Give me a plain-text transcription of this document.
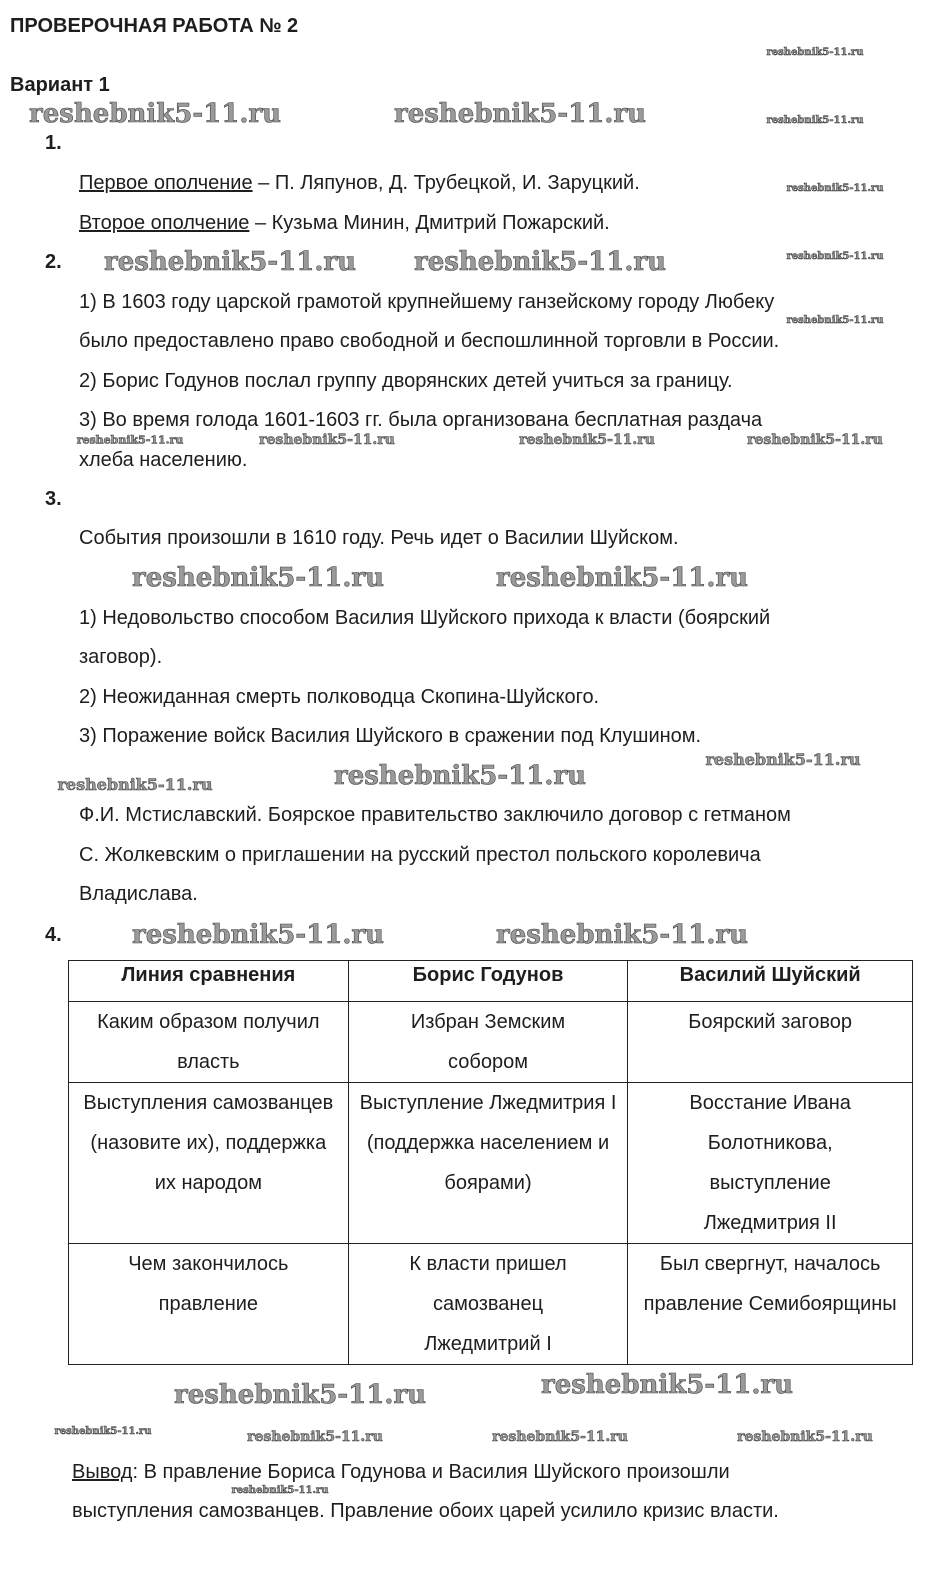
ПРОВЕРОЧНАЯ РАБОТА № 2
Вариант 1
1.
Первое ополчение – П. Ляпунов, Д. Трубецкой, И. Заруцкий.
Второе ополчение – Кузьма Минин, Дмитрий Пожарский.
2.
1) В 1603 году царской грамотой крупнейшему ганзейскому городу Любеку
было предоставлено право свободной и беспошлинной торговли в России.
2) Борис Годунов послал группу дворянских детей учиться за границу.
3) Во время голода 1601-1603 гг. была организована бесплатная раздача
хлеба населению.
3.
События произошли в 1610 году. Речь идет о Василии Шуйском.
1) Недовольство способом Василия Шуйского прихода к власти (боярский
заговор).
2) Неожиданная смерть полководца Скопина-Шуйского.
3) Поражение войск Василия Шуйского в сражении под Клушином.
Ф.И. Мстиславский. Боярское правительство заключило договор с гетманом
С. Жолкевским о приглашении на русский престол польского королевича
Владислава.
4.
Линия сравнения	Борис Годунов	Василий Шуйский
Каким образом получил власть	Избран Земским собором	Боярский заговор
Выступления самозванцев (назовите их), поддержка их народом	Выступление Лжедмитрия I (поддержка населением и боярами)	Восстание Ивана Болотникова, выступление Лжедмитрия II
Чем закончилось правление	К власти пришел самозванец Лжедмитрий I	Был свергнут, началось правление Семибоярщины
Вывод: В правление Бориса Годунова и Василия Шуйского произошли
выступления самозванцев. Правление обоих царей усилило кризис власти.
reshebnik5-11.ru	reshebnik5-11.ru
reshebnik5-11.ru reshebnik5-11.ru
reshebnik5-11.ru	reshebnik5-11.ru
reshebnik5-11.ru
reshebnik5-11.ru	reshebnik5-11.ru
reshebnik5-11.ru	reshebnik5-11.ru
reshebnik5-11.ru
reshebnik5-11.ru
reshebnik5-11.ru
reshebnik5-11.ru
reshebnik5-11.ru
reshebnik5-11.ru	reshebnik5-11.ru	reshebnik5-11.ru	reshebnik5-11.ru
reshebnik5-11.ru
reshebnik5-11.ru
reshebnik5-11.ru	reshebnik5-11.ru	reshebnik5-11.ru	reshebnik5-11.ru
reshebnik5-11.ru
